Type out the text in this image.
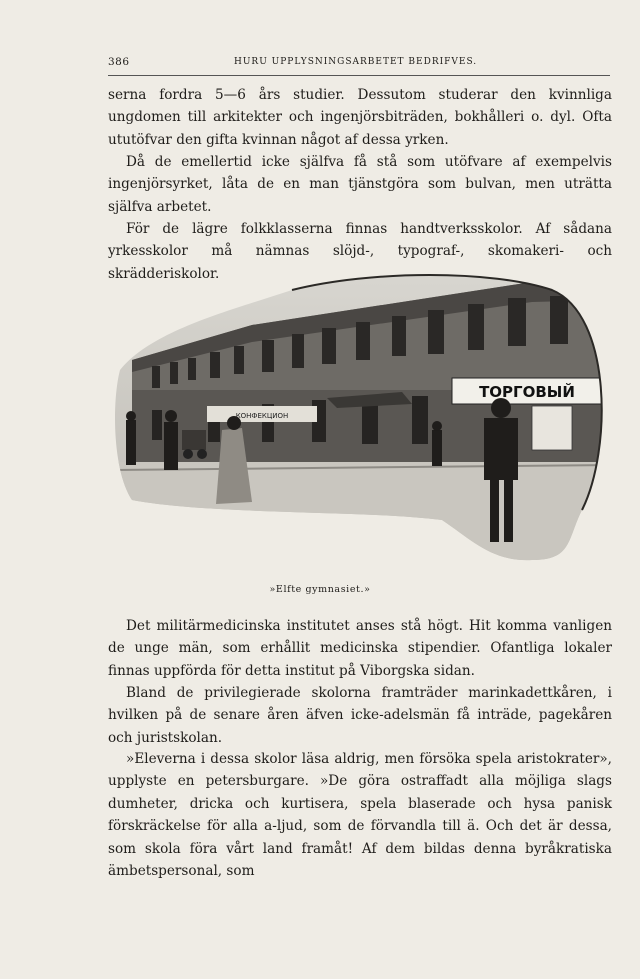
386	HURU UPPLYSNINGSARBETET BEDRIFVES.

serna fordra 5—6 års studier. Dessutom studerar den kvinnliga ungdomen till arkitekter och ingenjörsbiträden, bokhålleri o. dyl. Ofta ututöfvar den gifta kvinnan något af dessa yrken.

Då de emellertid icke själfva få stå som utöfvare af exempelvis ingenjörsyrket, låta de en man tjänstgöra som bulvan, men uträtta själfva arbetet.

För de lägre folkklasserna finnas handtverksskolor. Af sådana yrkesskolor må nämnas slöjd-, typograf-, skomakeri- och skrädderiskolor.

ТОРГОВЫЙ
КОНФЕКЦИОН
»Elfte gymnasiet.»

Det militärmedicinska institutet anses stå högt. Hit komma vanligen de unge män, som erhållit medicinska stipendier. Ofantliga lokaler finnas uppförda för detta institut på Viborgska sidan.

Bland de privilegierade skolorna framträder marinkadettkåren, i hvilken på de senare åren äfven icke-adelsmän få inträde, pagekåren och juristskolan.

»Eleverna i dessa skolor läsa aldrig, men försöka spela aristokrater», upplyste en petersburgare. »De göra ostraffadt alla möjliga slags dumheter, dricka och kurtisera, spela blaserade och hysa panisk förskräckelse för alla a-ljud, som de förvandla till ä. Och det är dessa, som skola föra vårt land framåt! Af dem bildas denna byråkratiska ämbetspersonal, som
